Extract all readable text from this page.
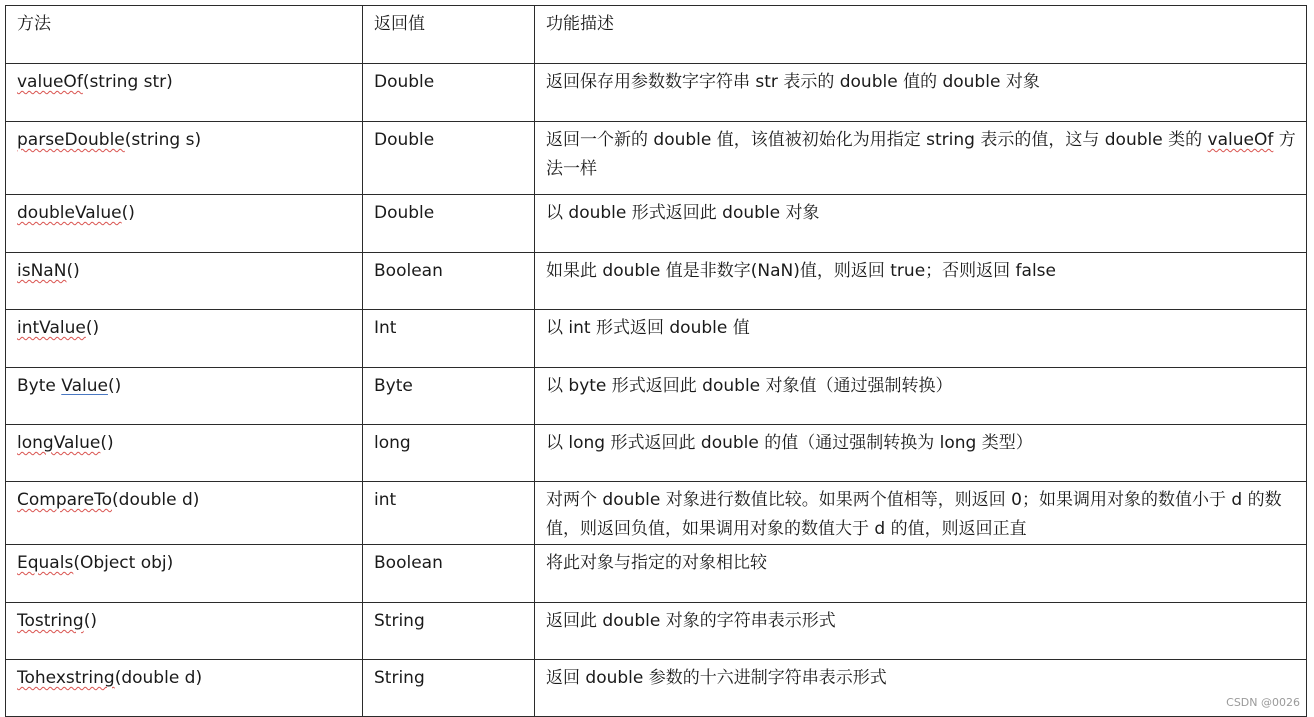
方法	返回值	功能描述
valueOf(string str)	Double	返回保存用参数数字字符串 str 表示的 double 值的 double 对象
parseDouble(string s)	Double	返回一个新的 double 值，该值被初始化为用指定 string 表示的值，这与 double 类的 valueOf 方法一样
doubleValue()	Double	以 double 形式返回此 double 对象
isNaN()	Boolean	如果此 double 值是非数字(NaN)值，则返回 true；否则返回 false
intValue()	Int	以 int 形式返回 double 值
Byte Value()	Byte	以 byte 形式返回此 double 对象值（通过强制转换）
longValue()	long	以 long 形式返回此 double 的值（通过强制转换为 long 类型）
CompareTo(double d)	int	对两个 double 对象进行数值比较。如果两个值相等，则返回 0；如果调用对象的数值小于 d 的数值，则返回负值，如果调用对象的数值大于 d 的值，则返回正直
Equals(Object obj)	Boolean	将此对象与指定的对象相比较
Tostring()	String	返回此 double 对象的字符串表示形式
Tohexstring(double d)	String	返回 double 参数的十六进制字符串表示形式
CSDN @0026
